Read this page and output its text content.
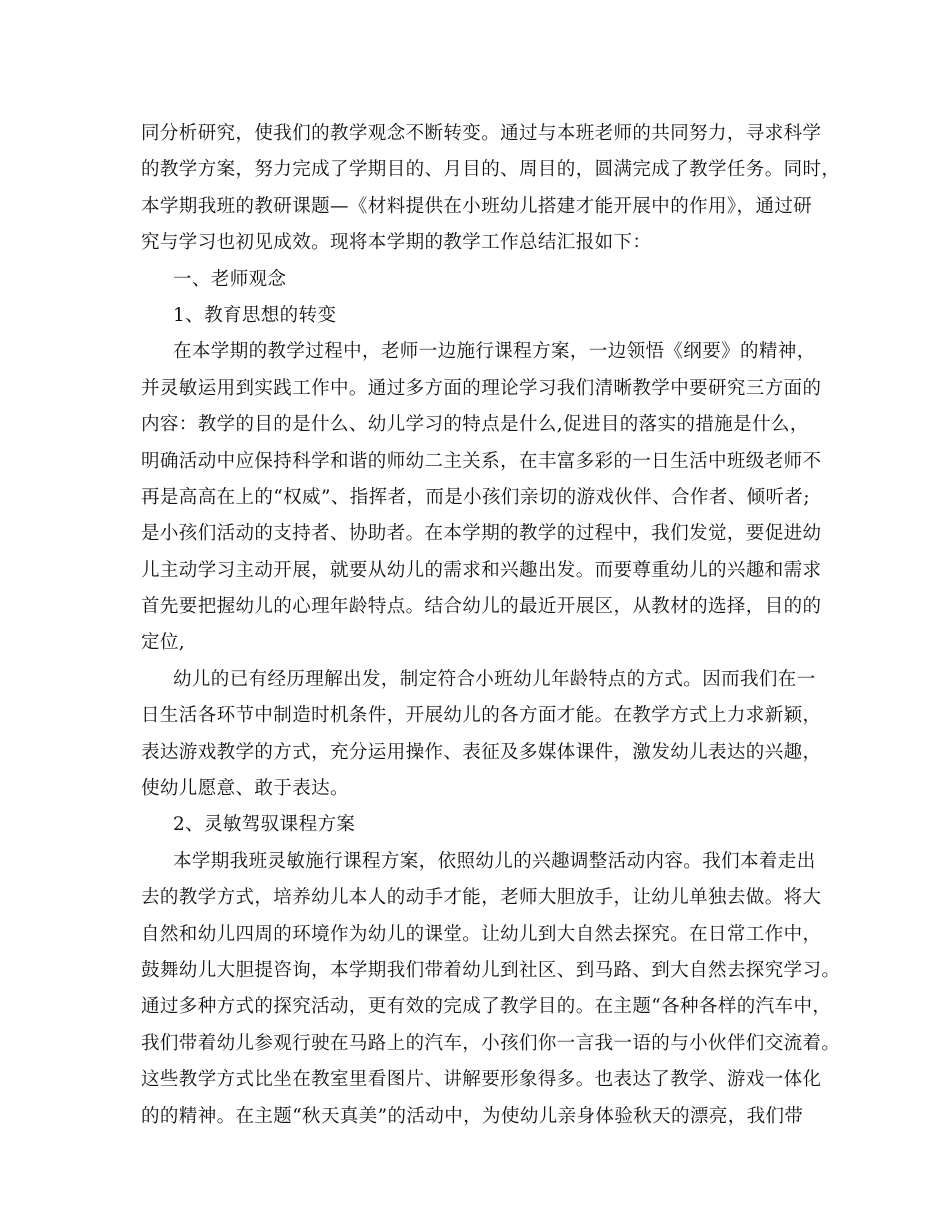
同分析研究，使我们的教学观念不断转变。通过与本班老师的共同努力，寻求科学
的教学方案，努力完成了学期目的、月目的、周目的，圆满完成了教学任务。同时，
本学期我班的教研课题—《材料提供在小班幼儿搭建才能开展中的作用》，通过研
究与学习也初见成效。现将本学期的教学工作总结汇报如下：
一、老师观念
1、教育思想的转变
在本学期的教学过程中，老师一边施行课程方案，一边领悟《纲要》的精神，
并灵敏运用到实践工作中。通过多方面的理论学习我们清晰教学中要研究三方面的
内容：教学的目的是什么、幼儿学习的特点是什么,促进目的落实的措施是什么，
明确活动中应保持科学和谐的师幼二主关系，在丰富多彩的一日生活中班级老师不
再是高高在上的“权威”、指挥者，而是小孩们亲切的游戏伙伴、合作者、倾听者;
是小孩们活动的支持者、协助者。在本学期的教学的过程中，我们发觉，要促进幼
儿主动学习主动开展，就要从幼儿的需求和兴趣出发。而要尊重幼儿的兴趣和需求
首先要把握幼儿的心理年龄特点。结合幼儿的最近开展区，从教材的选择，目的的
定位,
幼儿的已有经历理解出发，制定符合小班幼儿年龄特点的方式。因而我们在一
日生活各环节中制造时机条件，开展幼儿的各方面才能。在教学方式上力求新颖，
表达游戏教学的方式，充分运用操作、表征及多媒体课件，激发幼儿表达的兴趣，
使幼儿愿意、敢于表达。
2、灵敏驾驭课程方案
本学期我班灵敏施行课程方案，依照幼儿的兴趣调整活动内容。我们本着走出
去的教学方式，培养幼儿本人的动手才能，老师大胆放手，让幼儿单独去做。将大
自然和幼儿四周的环境作为幼儿的课堂。让幼儿到大自然去探究。在日常工作中，
鼓舞幼儿大胆提咨询，本学期我们带着幼儿到社区、到马路、到大自然去探究学习。
通过多种方式的探究活动，更有效的完成了教学目的。在主题“各种各样的汽车中，
我们带着幼儿参观行驶在马路上的汽车，小孩们你一言我一语的与小伙伴们交流着。
这些教学方式比坐在教室里看图片、讲解要形象得多。也表达了教学、游戏一体化
的的精神。在主题“秋天真美”的活动中，为使幼儿亲身体验秋天的漂亮，我们带
